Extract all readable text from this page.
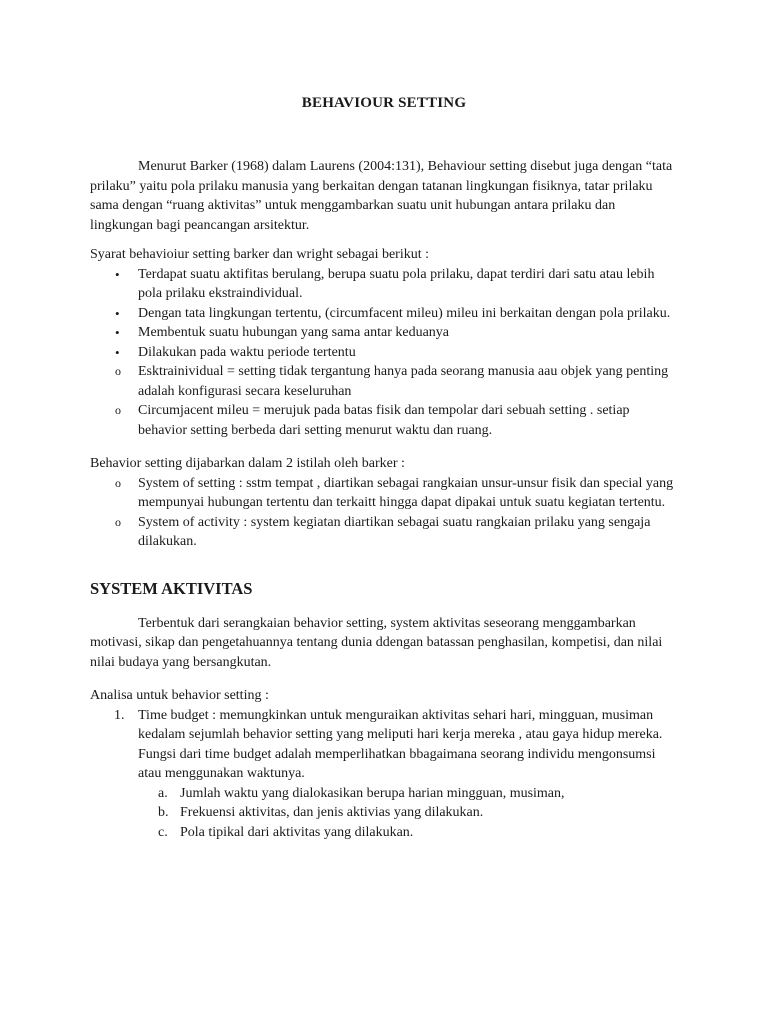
BEHAVIOUR SETTING

Menurut Barker (1968) dalam Laurens (2004:131), Behaviour setting disebut juga dengan “tata prilaku” yaitu pola prilaku manusia yang berkaitan dengan tatanan lingkungan fisiknya, tatar prilaku sama dengan “ruang aktivitas” untuk menggambarkan suatu unit hubungan antara prilaku dan lingkungan bagi peancangan arsitektur.

Syarat behavioiur setting barker dan wright sebagai berikut :

• Terdapat suatu aktifitas berulang, berupa suatu pola prilaku, dapat terdiri dari satu atau lebih pola prilaku ekstraindividual.
• Dengan tata lingkungan tertentu, (circumfacent mileu) mileu ini berkaitan dengan pola prilaku.
• Membentuk suatu hubungan yang sama antar keduanya
• Dilakukan pada waktu periode tertentu
o Esktrainividual = setting tidak tergantung hanya pada seorang manusia aau objek yang penting adalah konfigurasi secara keseluruhan
o Circumjacent mileu = merujuk pada batas fisik dan tempolar dari sebuah setting . setiap behavior setting berbeda dari setting menurut waktu dan ruang.

Behavior setting dijabarkan dalam 2 istilah oleh barker :

o System of setting : sstm tempat , diartikan sebagai rangkaian unsur-unsur fisik dan special yang mempunyai hubungan tertentu dan terkaitt hingga dapat dipakai untuk suatu kegiatan tertentu.
o System of activity : system kegiatan diartikan sebagai suatu rangkaian prilaku yang sengaja dilakukan.
SYSTEM AKTIVITAS

Terbentuk dari serangkaian behavior setting, system aktivitas seseorang menggambarkan motivasi, sikap dan pengetahuannya tentang dunia ddengan batassan penghasilan, kompetisi, dan nilai nilai budaya yang bersangkutan.

Analisa untuk behavior setting :

1. Time budget : memungkinkan untuk menguraikan aktivitas sehari hari, mingguan, musiman kedalam sejumlah behavior setting yang meliputi hari kerja mereka , atau gaya hidup mereka. Fungsi dari time budget adalah memperlihatkan bbagaimana seorang individu mengonsumsi atau menggunakan waktunya.
a. Jumlah waktu yang dialokasikan berupa harian mingguan, musiman,
b. Frekuensi aktivitas, dan jenis aktivias yang dilakukan.
c. Pola tipikal dari aktivitas yang dilakukan.
